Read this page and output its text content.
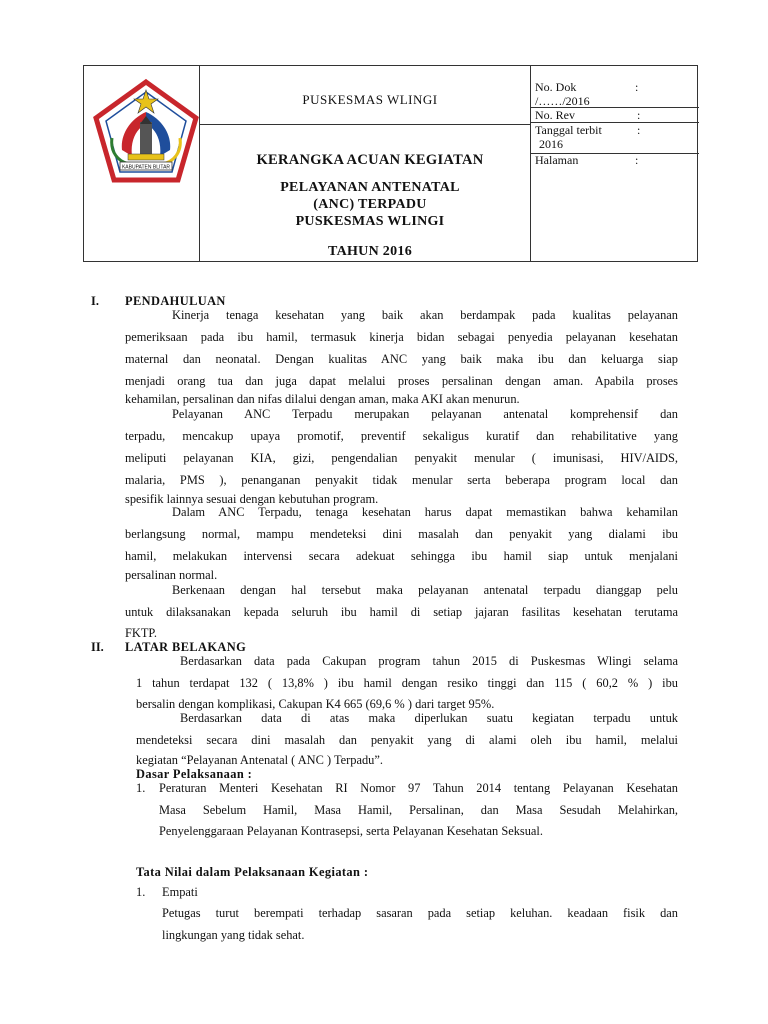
KABUPATEN BLITAR
PUSKESMAS WLINGI
KERANGKA ACUAN KEGIATAN
PELAYANAN ANTENATAL
(ANC) TERPADU
PUSKESMAS WLINGI
TAHUN 2016
No. Dok	:
/……/2016
No. Rev	:
Tanggal terbit	:
2016
Halaman	:
I. PENDAHULUAN
Kinerja tenaga kesehatan yang baik akan berdampak pada kualitas pelayanan
pemeriksaan pada ibu hamil, termasuk kinerja bidan sebagai penyedia pelayanan kesehatan
maternal dan neonatal. Dengan kualitas ANC yang baik maka ibu dan keluarga siap
menjadi orang tua dan juga dapat melalui proses persalinan dengan aman. Apabila proses
kehamilan, persalinan dan nifas dilalui dengan aman, maka AKI akan menurun.
Pelayanan ANC Terpadu merupakan pelayanan antenatal komprehensif dan
terpadu, mencakup upaya promotif, preventif sekaligus kuratif dan rehabilitative yang
meliputi pelayanan KIA, gizi, pengendalian penyakit menular ( imunisasi, HIV/AIDS,
malaria, PMS ), penanganan penyakit tidak menular serta beberapa program local dan
spesifik lainnya sesuai dengan kebutuhan program.
Dalam ANC Terpadu, tenaga kesehatan harus dapat memastikan bahwa kehamilan
berlangsung normal, mampu mendeteksi dini masalah dan penyakit yang dialami ibu
hamil, melakukan intervensi secara adekuat sehingga ibu hamil siap untuk menjalani
persalinan normal.
Berkenaan dengan hal tersebut maka pelayanan antenatal terpadu dianggap pelu
untuk dilaksanakan kepada seluruh ibu hamil di setiap jajaran fasilitas kesehatan terutama
FKTP.
II. LATAR BELAKANG
Berdasarkan data pada Cakupan program tahun 2015 di Puskesmas Wlingi selama
1 tahun terdapat 132 ( 13,8% ) ibu hamil dengan resiko tinggi dan 115 ( 60,2 % ) ibu
bersalin dengan komplikasi, Cakupan K4 665 (69,6 % ) dari target 95%.
Berdasarkan data di atas maka diperlukan suatu kegiatan terpadu untuk
mendeteksi secara dini masalah dan penyakit yang di alami oleh ibu hamil, melalui
kegiatan “Pelayanan Antenatal ( ANC ) Terpadu”.
Dasar Pelaksanaan :
1.	Peraturan Menteri Kesehatan RI Nomor 97 Tahun 2014 tentang Pelayanan Kesehatan
Masa Sebelum Hamil, Masa Hamil, Persalinan, dan Masa Sesudah Melahirkan,
Penyelenggaraan Pelayanan Kontrasepsi, serta Pelayanan Kesehatan Seksual.
Tata Nilai dalam Pelaksanaan Kegiatan :
1.	Empati
Petugas turut berempati terhadap sasaran pada setiap keluhan. keadaan fisik dan
lingkungan yang tidak sehat.
